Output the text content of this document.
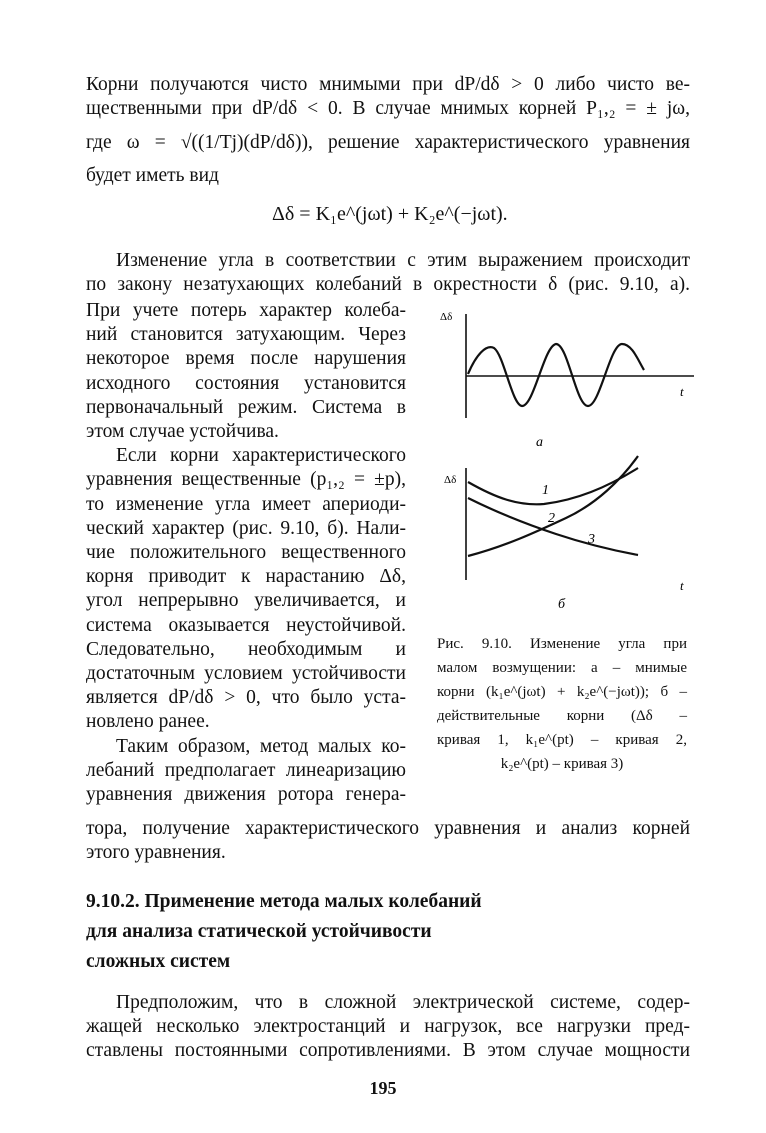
Корни получаются чисто мнимыми при dP/dδ > 0 либо чисто ве-
щественными при dP/dδ < 0. В случае мнимых корней P₁,₂ = ± jω,
где ω = √((1/Tj)(dP/dδ)), решение характеристического уравнения
будет иметь вид
Δδ = K₁e^(jωt) + K₂e^(−jωt).
Изменение угла в соответствии с этим выражением происходит
по закону незатухающих колебаний в окрестности δ (рис. 9.10, а).
При учете потерь характер колеба-
ний становится затухающим. Через
некоторое время после нарушения
исходного состояния установится
первоначальный режим. Система в
этом случае устойчива.
Если корни характеристического
уравнения вещественные (p₁,₂ = ±p),
то изменение угла имеет апериоди-
ческий характер (рис. 9.10, б). Нали-
чие положительного вещественного
корня приводит к нарастанию Δδ,
угол непрерывно увеличивается, и
система оказывается неустойчивой.
Следовательно, необходимым и
достаточным условием устойчивости
является dP/dδ > 0, что было уста-
новлено ранее.
Таким образом, метод малых ко-
лебаний предполагает линеаризацию
уравнения движения ротора генера-
Δδ
t
а
Δδ
t
б
1
2
3
Рис. 9.10. Изменение угла при
малом возмущении: а – мнимые
корни (k₁e^(jωt) + k₂e^(−jωt)); б –
действительные корни (Δδ –
кривая 1, k₁e^(pt) – кривая 2,
k₂e^(pt) – кривая 3)
тора, получение характеристического уравнения и анализ корней
этого уравнения.
9.10.2. Применение метода малых колебаний
для анализа статической устойчивости
сложных систем
Предположим, что в сложной электрической системе, содер-
жащей несколько электростанций и нагрузок, все нагрузки пред-
ставлены постоянными сопротивлениями. В этом случае мощности
195
